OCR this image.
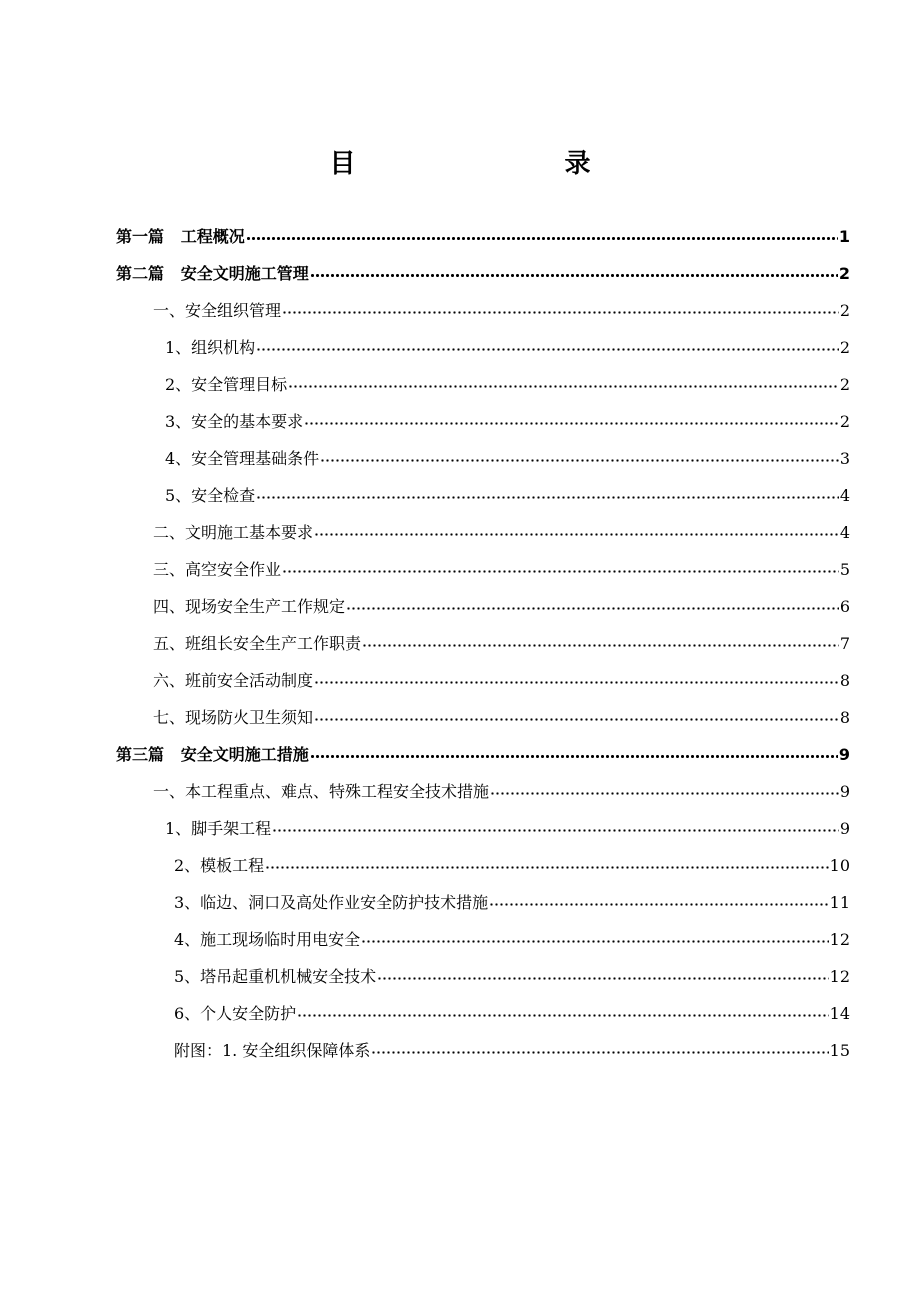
目 录
第一篇   工程概况	1
第二篇   安全文明施工管理	2
一、安全组织管理	2
1、组织机构	2
2、安全管理目标	2
3、安全的基本要求	2
4、安全管理基础条件	3
5、安全检查	4
二、文明施工基本要求	4
三、高空安全作业	5
四、现场安全生产工作规定	6
五、班组长安全生产工作职责	7
六、班前安全活动制度	8
七、现场防火卫生须知	8
第三篇   安全文明施工措施	9
一、本工程重点、难点、特殊工程安全技术措施	9
1、脚手架工程	9
2、模板工程	10
3、临边、洞口及高处作业安全防护技术措施	11
4、施工现场临时用电安全	12
5、塔吊起重机机械安全技术	12
6、个人安全防护	14
附图：1. 安全组织保障体系	15
